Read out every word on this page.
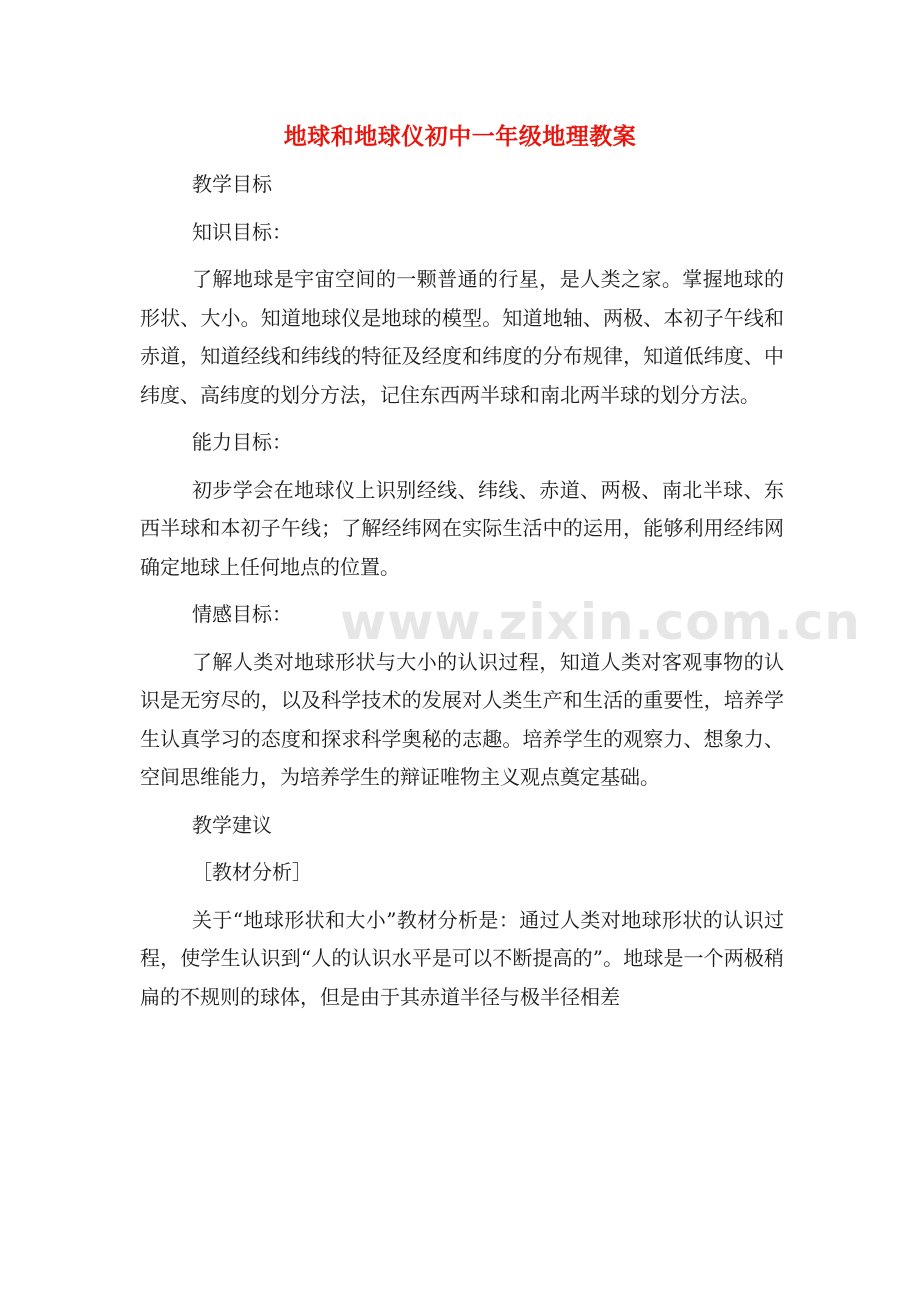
地球和地球仪初中一年级地理教案

教学目标

知识目标：

了解地球是宇宙空间的一颗普通的行星，是人类之家。掌握地球的形状、大小。知道地球仪是地球的模型。知道地轴、两极、本初子午线和赤道，知道经线和纬线的特征及经度和纬度的分布规律，知道低纬度、中纬度、高纬度的划分方法，记住东西两半球和南北两半球的划分方法。

能力目标：

初步学会在地球仪上识别经线、纬线、赤道、两极、南北半球、东西半球和本初子午线；了解经纬网在实际生活中的运用，能够利用经纬网确定地球上任何地点的位置。

情感目标：

了解人类对地球形状与大小的认识过程，知道人类对客观事物的认识是无穷尽的，以及科学技术的发展对人类生产和生活的重要性，培养学生认真学习的态度和探求科学奥秘的志趣。培养学生的观察力、想象力、空间思维能力，为培养学生的辩证唯物主义观点奠定基础。

教学建议

［教材分析］

关于“地球形状和大小”教材分析是：通过人类对地球形状的认识过程，使学生认识到“人的认识水平是可以不断提高的”。地球是一个两极稍扁的不规则的球体，但是由于其赤道半径与极半径相差

www.zixin.com.cn
